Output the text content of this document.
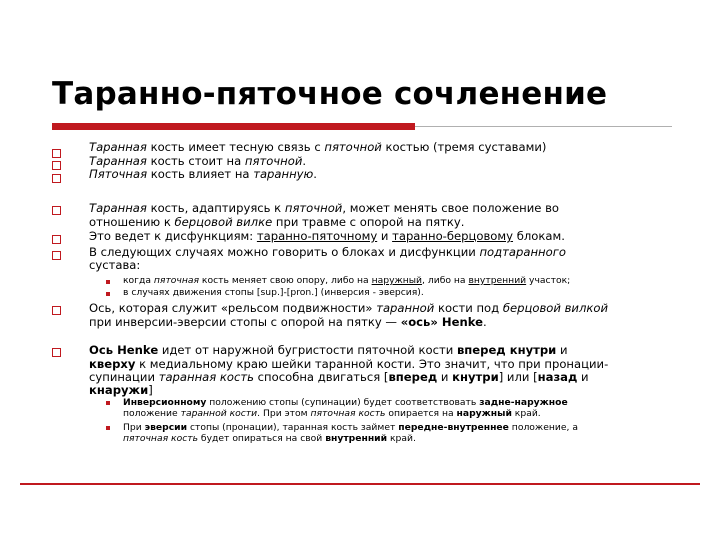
Таранно-пяточное сочленение
Таранная кость имеет тесную связь с пяточной костью (тремя суставами)
Таранная кость стоит на пяточной.
Пяточная кость влияет на таранную.
Таранная кость, адаптируясь к пяточной, может менять свое положение во
отношению к берцовой вилке при травме с опорой на пятку.
Это ведет к дисфункциям: таранно-пяточному и таранно-берцовому блокам.
В следующих случаях можно говорить о блоках и дисфункции подтаранного
сустава:
когда пяточная кость меняет свою опору, либо на наружный, либо на внутренний участок;
в случаях движения стопы [sup.]-[pron.] (инверсия - эверсия).
Ось, которая служит «рельсом подвижности» таранной кости под берцовой вилкой
при инверсии-эверсии стопы с опорой на пятку — «ось» Henke.
Ось Henke идет от наружной бугристости пяточной кости вперед кнутри и
кверху к медиальному краю шейки таранной кости. Это значит, что при пронации-
супинации таранная кость способна двигаться [вперед и кнутри] или [назад и
кнаружи]
Инверсионному положению стопы (супинации) будет соответствовать задне-наружное
положение таранной кости. При этом пяточная кость опирается на наружный край.
При эверсии стопы (пронации), таранная кость займет передне-внутреннее положение, а
пяточная кость будет опираться на свой внутренний край.
